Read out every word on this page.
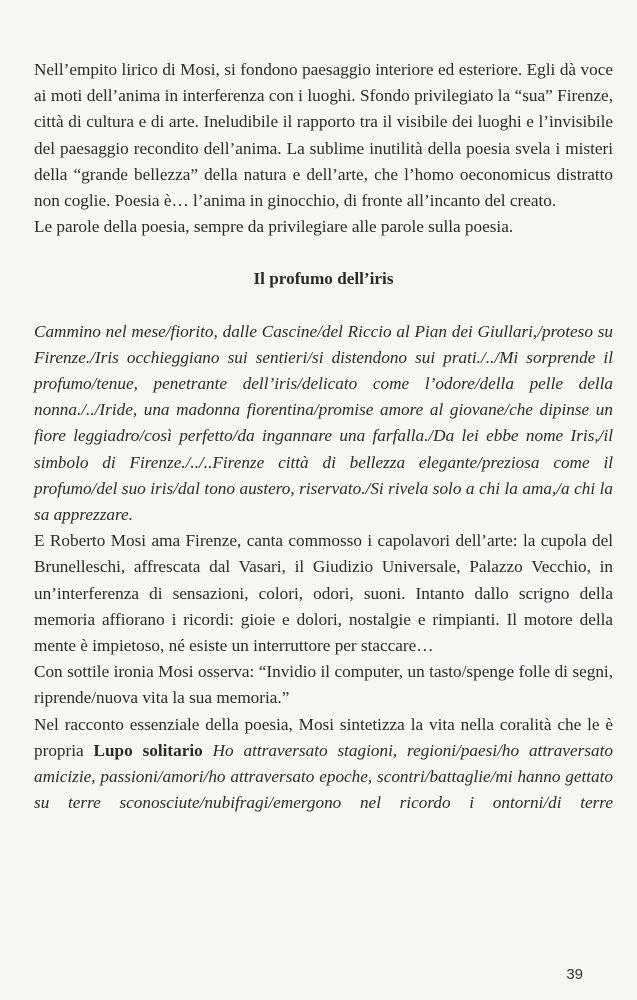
Nell’empito lirico di Mosi, si fondono paesaggio interiore ed esteriore. Egli dà voce ai moti dell’anima in interferenza con i luoghi. Sfondo privilegiato la “sua” Firenze, città di cultura e di arte. Ineludibile il rapporto tra il visibile dei luoghi e l’invisibile del paesaggio recondito dell’anima. La sublime inutilità della poesia svela i misteri della “grande bellezza” della natura e dell’arte, che l’homo oeconomicus distratto non coglie. Poesia è… l’anima in ginocchio, di fronte all’incanto del creato.

Le parole della poesia, sempre da privilegiare alle parole sulla poesia.

Il profumo dell’iris

Cammino nel mese/fiorito, dalle Cascine/del Riccio al Pian dei Giullari,/proteso su Firenze./Iris occhieggiano sui sentieri/si distendono sui prati./../Mi sorprende il profumo/tenue, penetrante dell’iris/delicato come l’odore/della pelle della nonna./../Iride, una madonna fiorentina/promise amore al giovane/che dipinse un fiore leggiadro/così perfetto/da ingannare una farfalla./Da lei ebbe nome Iris,/il simbolo di Firenze./../..Firenze città di bellezza elegante/preziosa come il profumo/del suo iris/dal tono austero, riservato./Si rivela solo a chi la ama,/a chi la sa apprezzare.

E Roberto Mosi ama Firenze, canta commosso i capolavori dell’arte: la cupola del Brunelleschi, affrescata dal Vasari, il Giudizio Universale, Palazzo Vecchio, in un’interferenza di sensazioni, colori, odori, suoni. Intanto dallo scrigno della memoria affiorano i ricordi: gioie e dolori, nostalgie e rimpianti. Il motore della mente è impietoso, né esiste un interruttore per staccare…

Con sottile ironia Mosi osserva: “Invidio il computer, un tasto/spenge folle di segni, riprende/nuova vita la sua memoria.”

Nel racconto essenziale della poesia, Mosi sintetizza la vita nella coralità che le è propria Lupo solitario Ho attraversato stagioni, regioni/paesi/ho attraversato amicizie, passioni/amori/ho attraversato epoche, scontri/battaglie/mi hanno gettato su terre sconosciute/nubifragi/emergono nel ricordo i ontorni/di terre

39
